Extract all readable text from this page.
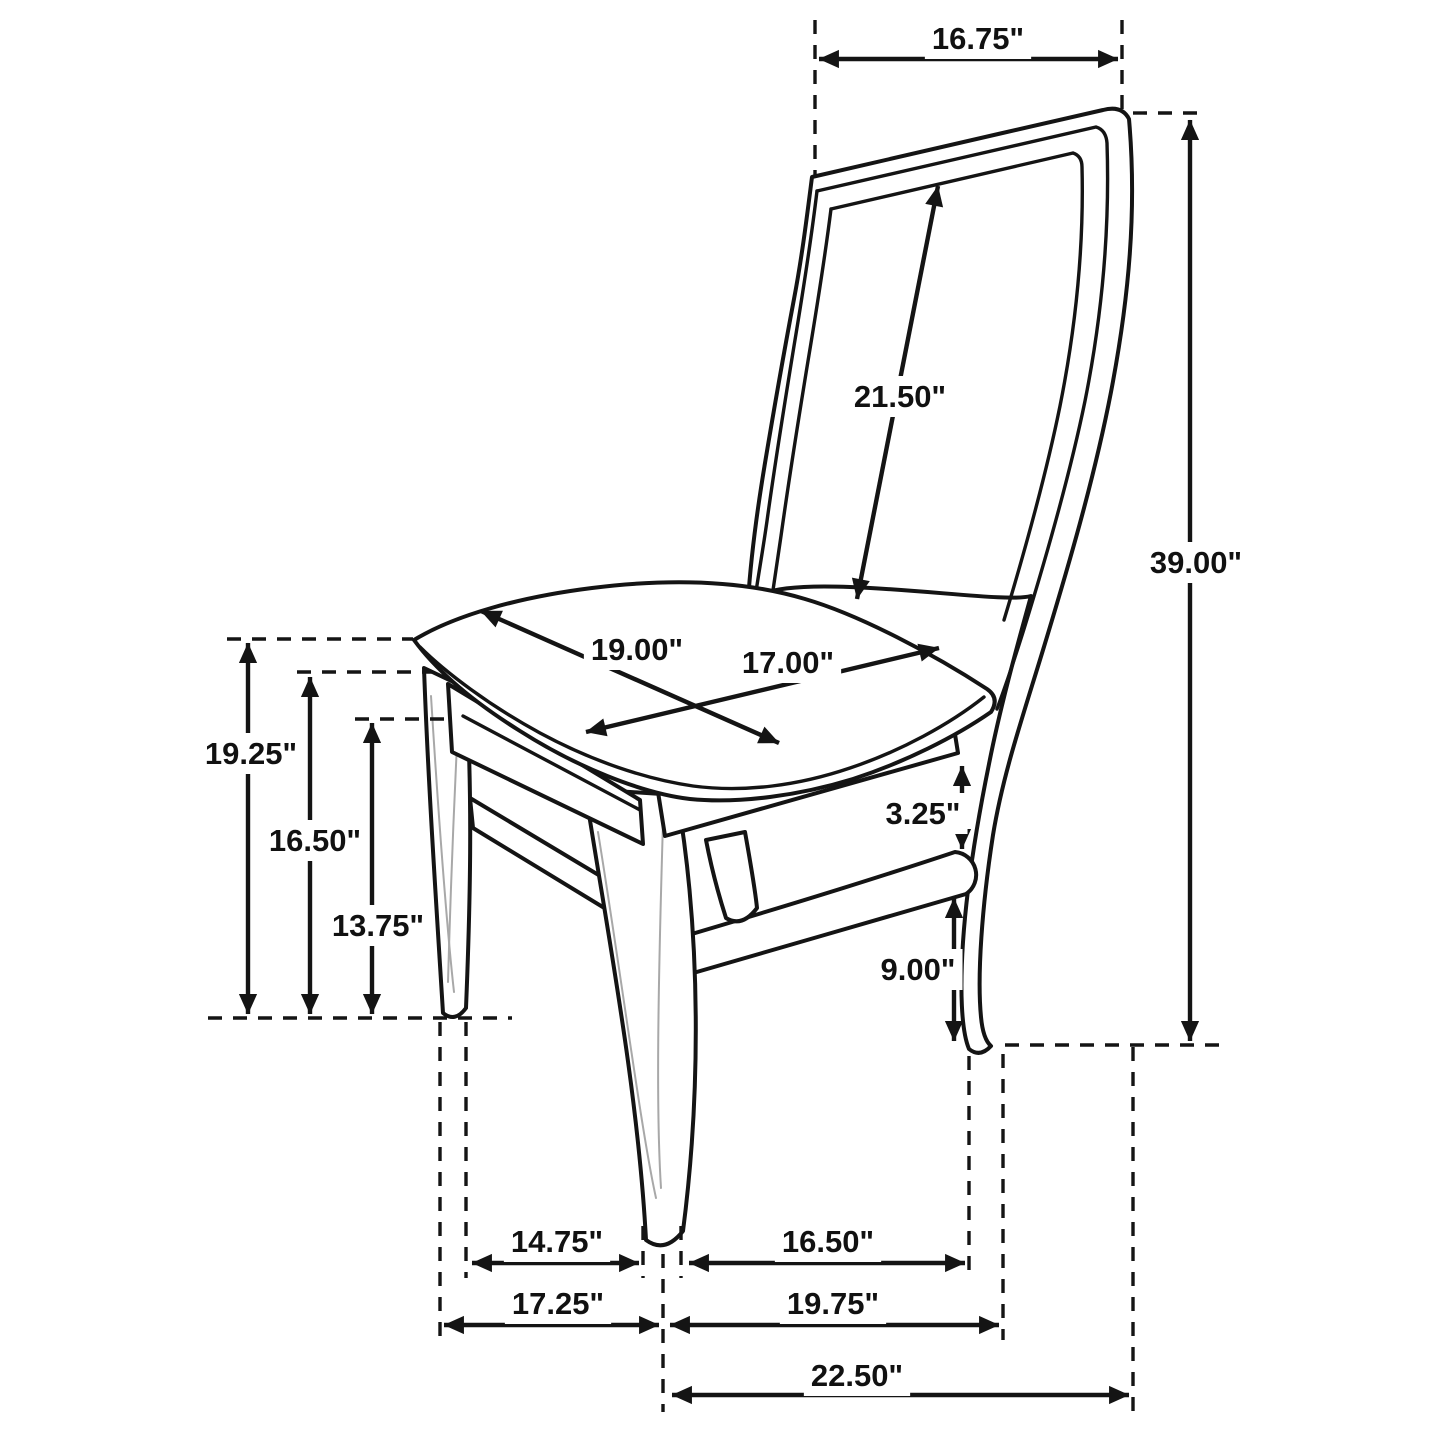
16.75"
21.50"
39.00"
19.00" 17.00"
19.25"
16.50"
13.75"
3.25"
9.00"
14.75"	16.50"
17.25"	19.75"
22.50"
